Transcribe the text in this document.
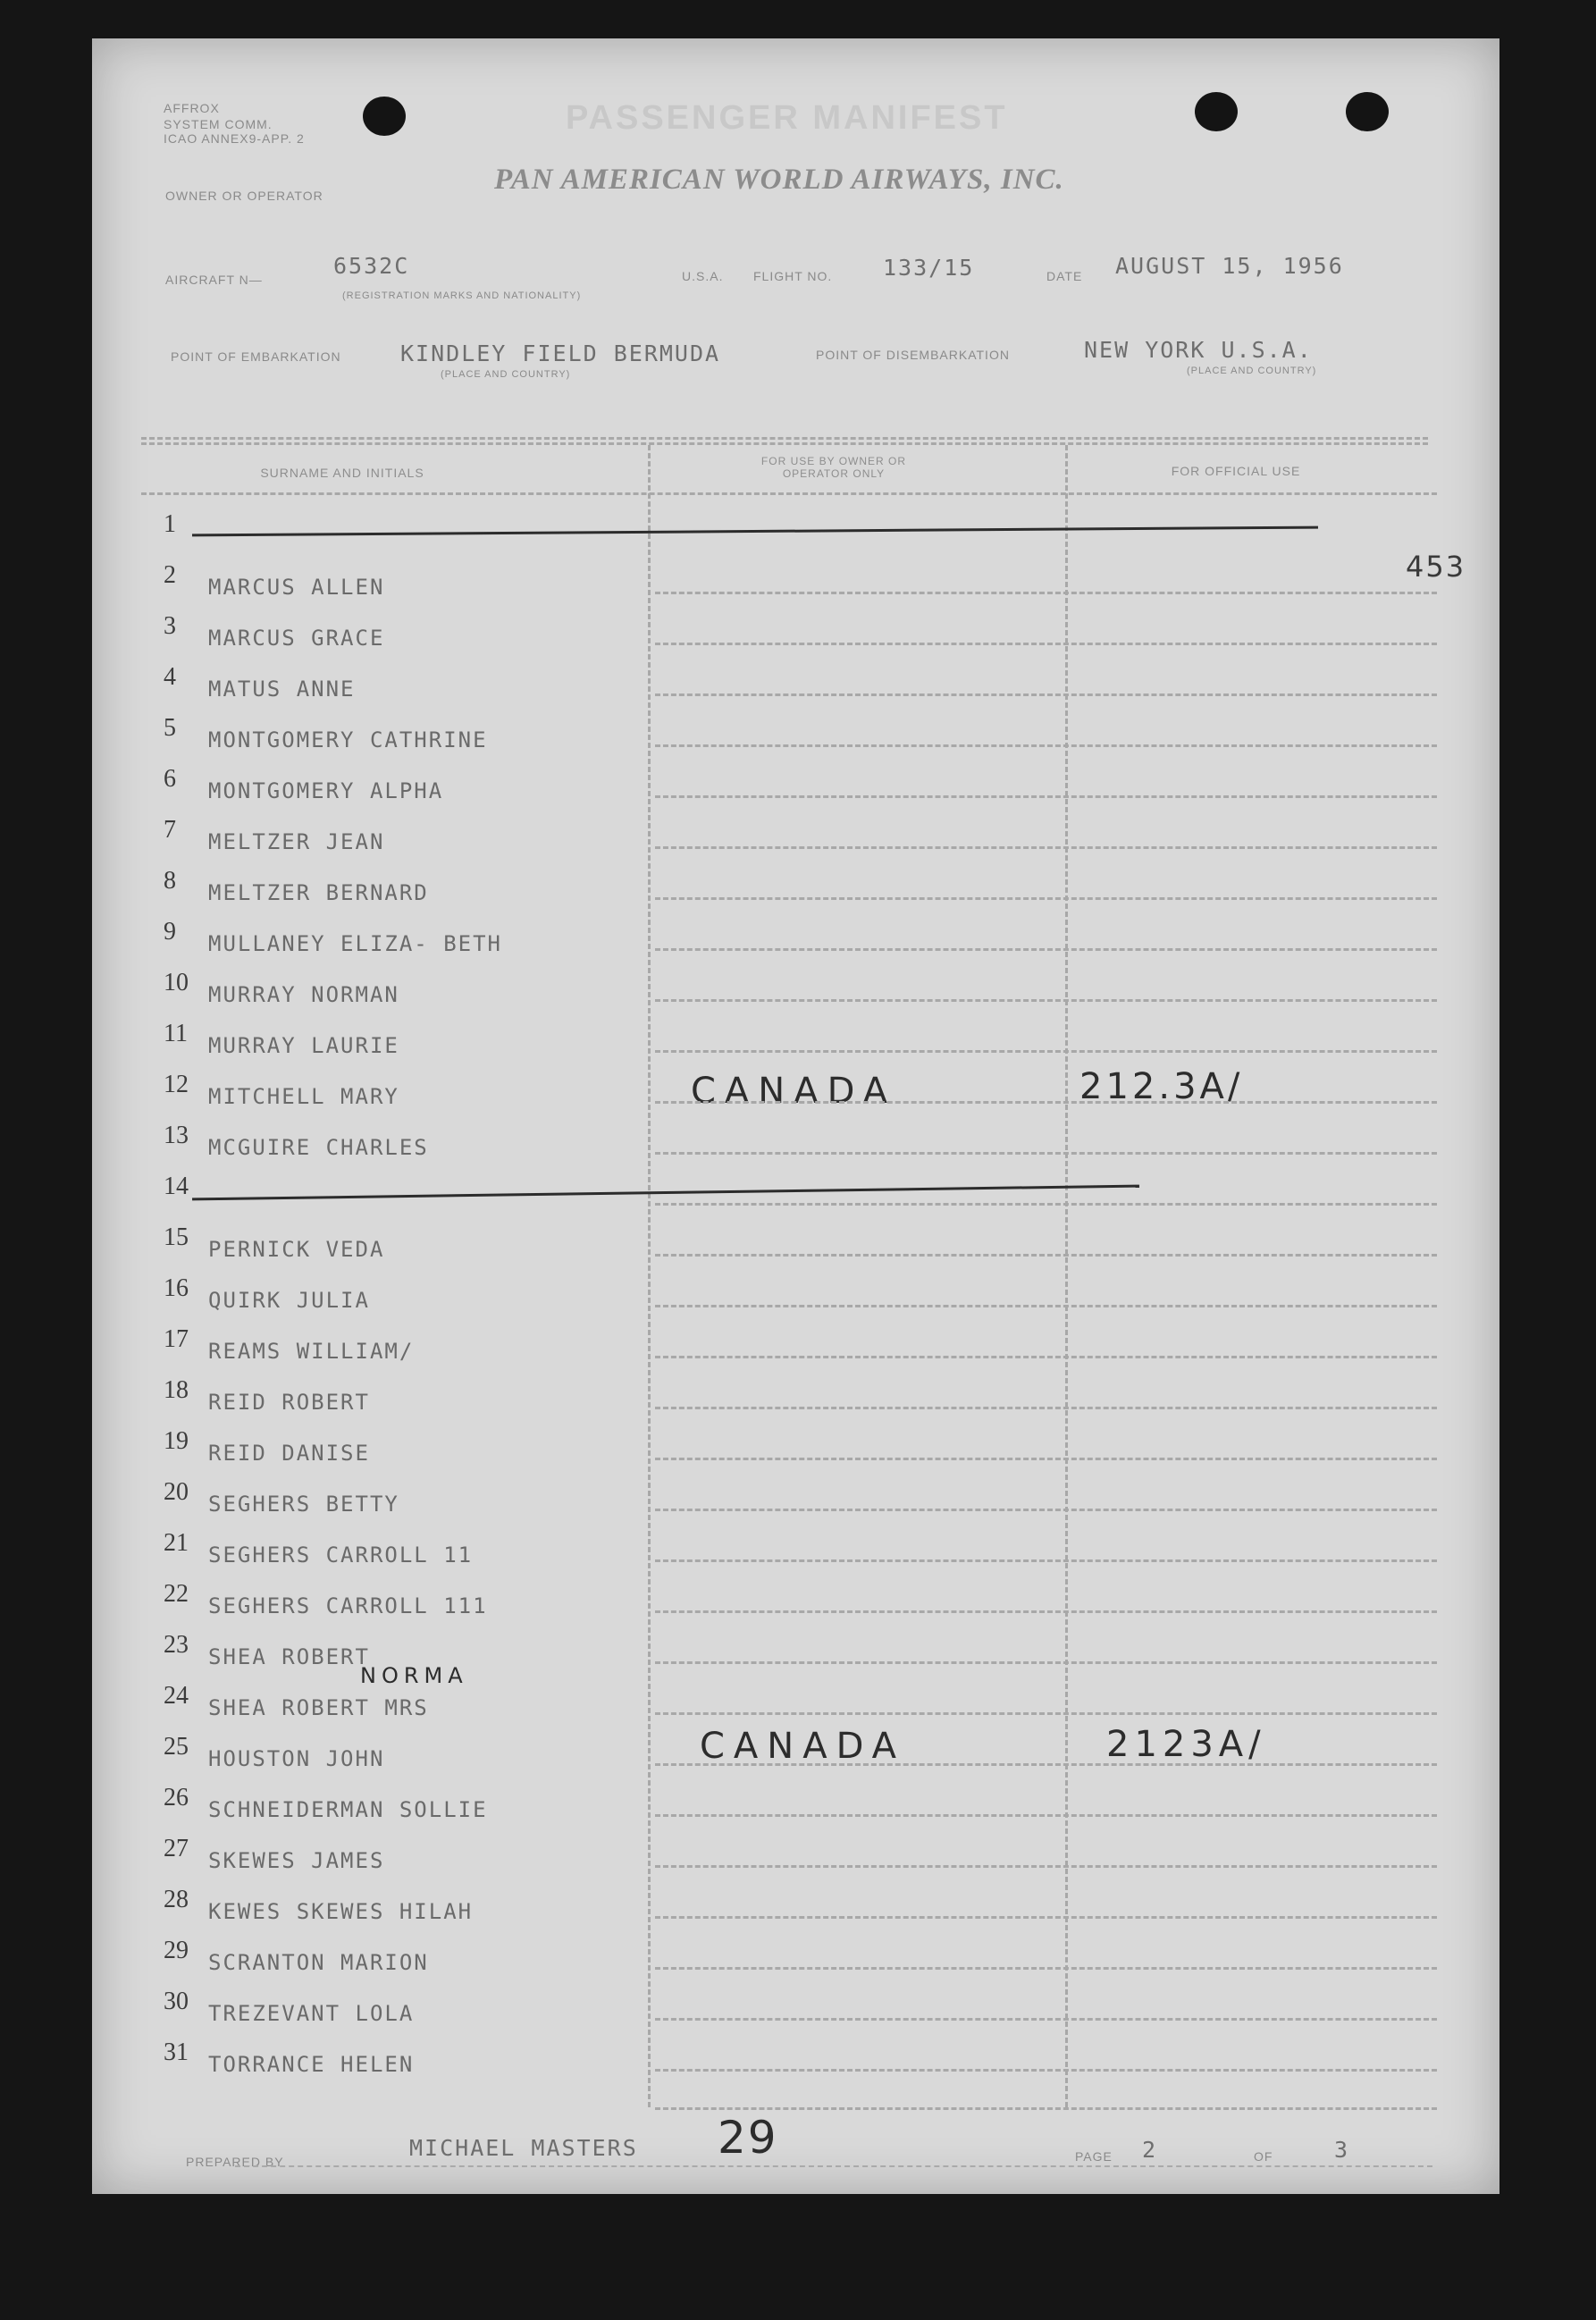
AFFROX
SYSTEM COMM.
ICAO ANNEX9-APP. 2
PASSENGER MANIFEST
OWNER OR OPERATOR	PAN AMERICAN WORLD AIRWAYS, INC.
AIRCRAFT N—
6532C
(REGISTRATION MARKS AND NATIONALITY)
U.S.A. FLIGHT NO. 133/15	DATE AUGUST 15, 1956
POINT OF EMBARKATION	KINDLEY FIELD BERMUDA
(PLACE AND COUNTRY)
POINT OF DISEMBARKATION	NEW YORK U.S.A.
(PLACE AND COUNTRY)
453
SURNAME AND INITIALS
FOR USE BY OWNER OR OPERATOR ONLY	FOR OFFICIAL USE
1
2 MARCUS ALLEN
3 MARCUS GRACE
4 MATUS ANNE
5 MONTGOMERY CATHRINE
6 MONTGOMERY ALPHA
7 MELTZER JEAN
8 MELTZER BERNARD
9 MULLANEY ELIZA- BETH
10 MURRAY NORMAN
11 MURRAY LAURIE
12 MITCHELL MARY	CANADA	212.3A/
13 MCGUIRE CHARLES
14
15 PERNICK VEDA
16 QUIRK JULIA
17 REAMS WILLIAM/
18 REID ROBERT
19 REID DANISE
20 SEGHERS BETTY
21 SEGHERS CARROLL 11
22 SEGHERS CARROLL 111
23 SHEA ROBERT
24 SHEA ROBERT MRS
NORMA
25 HOUSTON JOHN	CANADA	2123A/
26 SCHNEIDERMAN SOLLIE
27 SKEWES JAMES
28 KEWES SKEWES HILAH
29 SCRANTON MARION
30 TREZEVANT LOLA
31 TORRANCE HELEN
PREPARED BY
MICHAEL MASTERS 29	PAGE 2	OF	3
